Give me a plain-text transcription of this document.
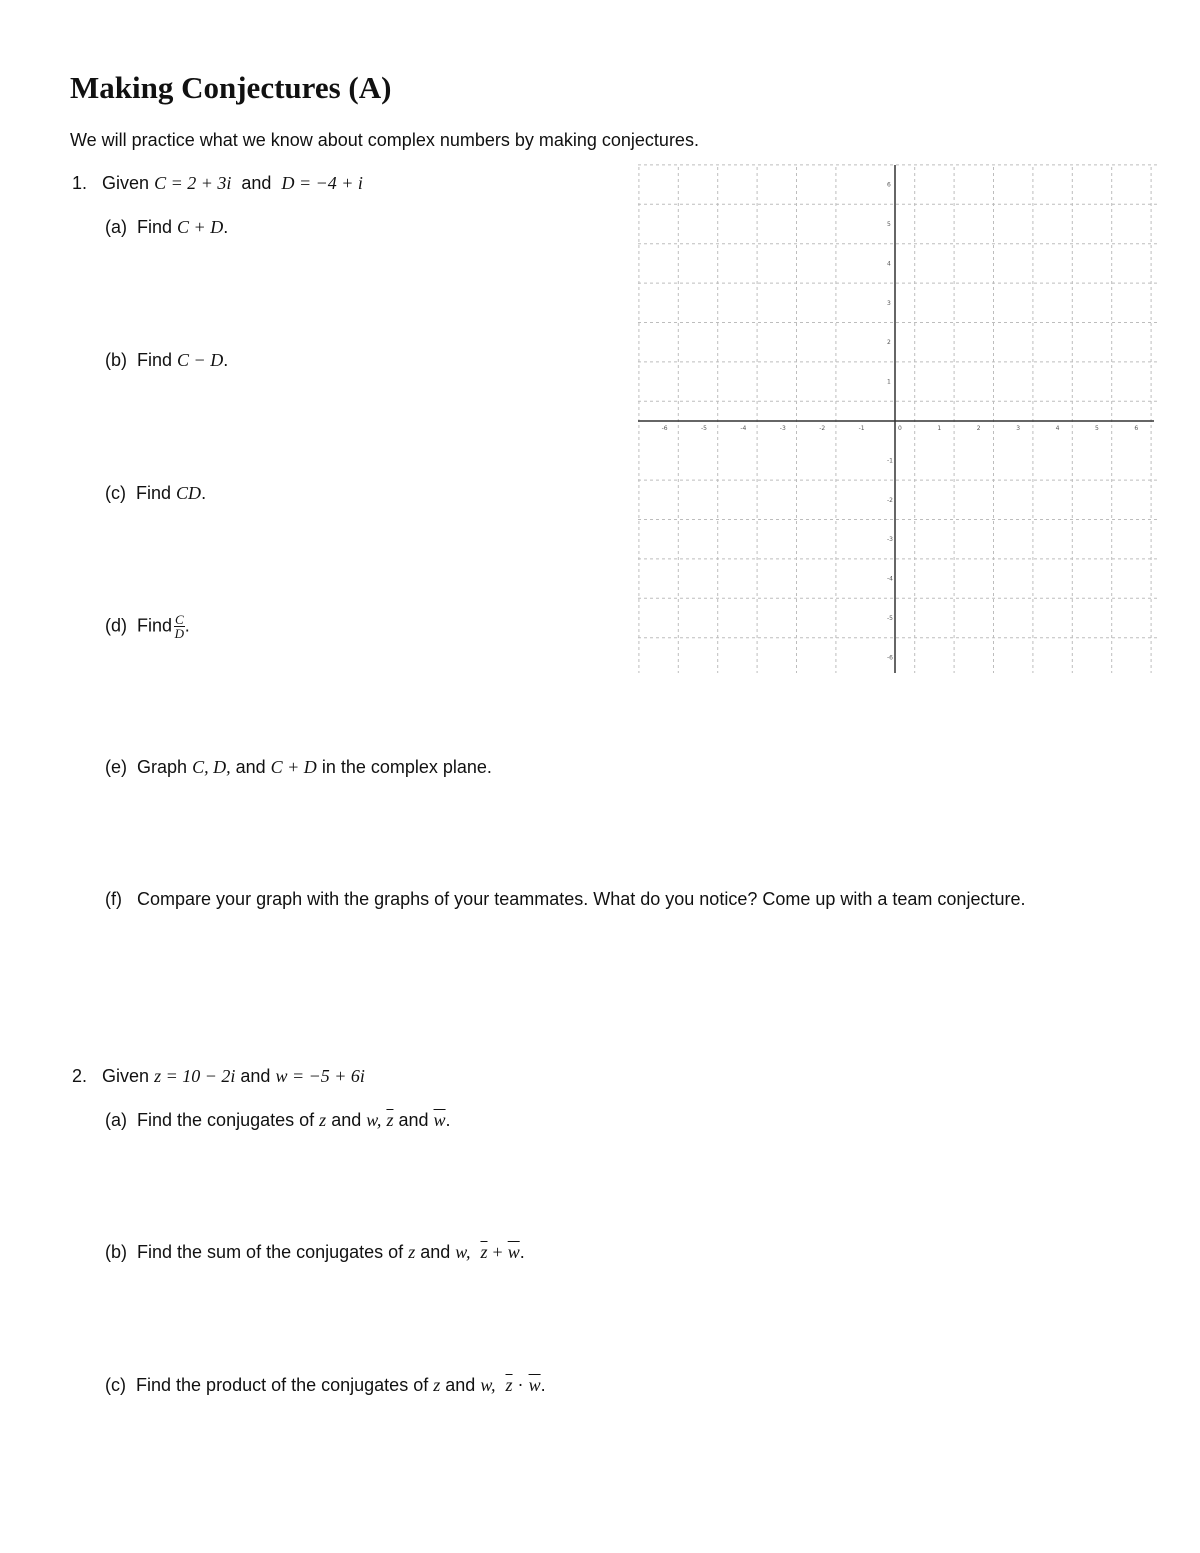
Making Conjectures (A)
We will practice what we know about complex numbers by making conjectures.
1. Given C = 2 + 3i and D = −4 + i
(a) Find C + D.
(b) Find C − D.
(c) Find CD.
(d) Find $\frac{C}{D}$ .
(e) Graph C, D, and C + D in the complex plane.
(f) Compare your graph with the graphs of your teammates. What do you notice? Come up with a team conjecture.
2. Given z = 10 − 2i and w = −5 + 6i
(a) Find the conjugates of z and w, $\overline{z}$ and $\overline{w}$.
(b) Find the sum of the conjugates of z and w, $\overline{z} + \overline{w}$.
(c) Find the product of the conjugates of z and w, $\overline{z} \cdot \overline{w}$.
-6	-5	-4	-3	-2	-1	0	1	2	3	4	5	6
6
5
4
3
2
1
-1
-2
-3
-4
-5
-6
